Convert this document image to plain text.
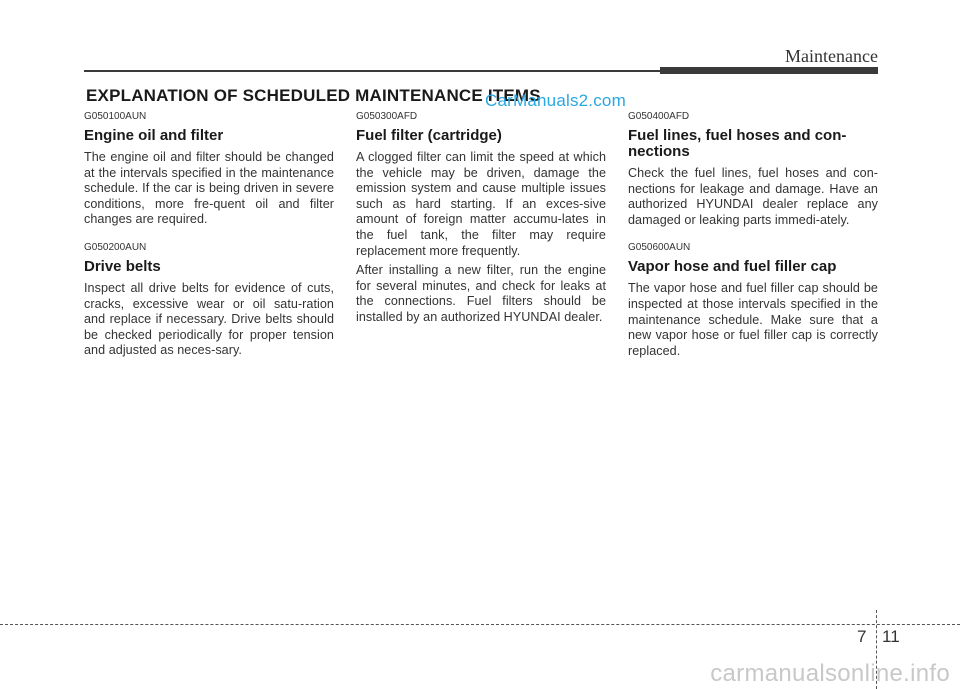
Maintenance
EXPLANATION OF SCHEDULED MAINTENANCE ITEMS
CarManuals2.com

G050100AUN

Engine oil and filter

The engine oil and filter should be changed at the intervals specified in the maintenance schedule. If the car is being driven in severe conditions, more fre-quent oil and filter changes are required.

G050200AUN

Drive belts

Inspect all drive belts for evidence of cuts, cracks, excessive wear or oil satu-ration and replace if necessary. Drive belts should be checked periodically for proper tension and adjusted as neces-sary.

G050300AFD

Fuel filter (cartridge)

A clogged filter can limit the speed at which the vehicle may be driven, damage the emission system and cause multiple issues such as hard starting. If an exces-sive amount of foreign matter accumu-lates in the fuel tank, the filter may require replacement more frequently.

After installing a new filter, run the engine for several minutes, and check for leaks at the connections. Fuel filters should be installed by an authorized HYUNDAI dealer.

G050400AFD

Fuel lines, fuel hoses and con-nections

Check the fuel lines, fuel hoses and con-nections for leakage and damage. Have an authorized HYUNDAI dealer replace any damaged or leaking parts immedi-ately.

G050600AUN

Vapor hose and fuel filler cap

The vapor hose and fuel filler cap should be inspected at those intervals specified in the maintenance schedule. Make sure that a new vapor hose or fuel filler cap is correctly replaced.

7 11
carmanualsonline.info
